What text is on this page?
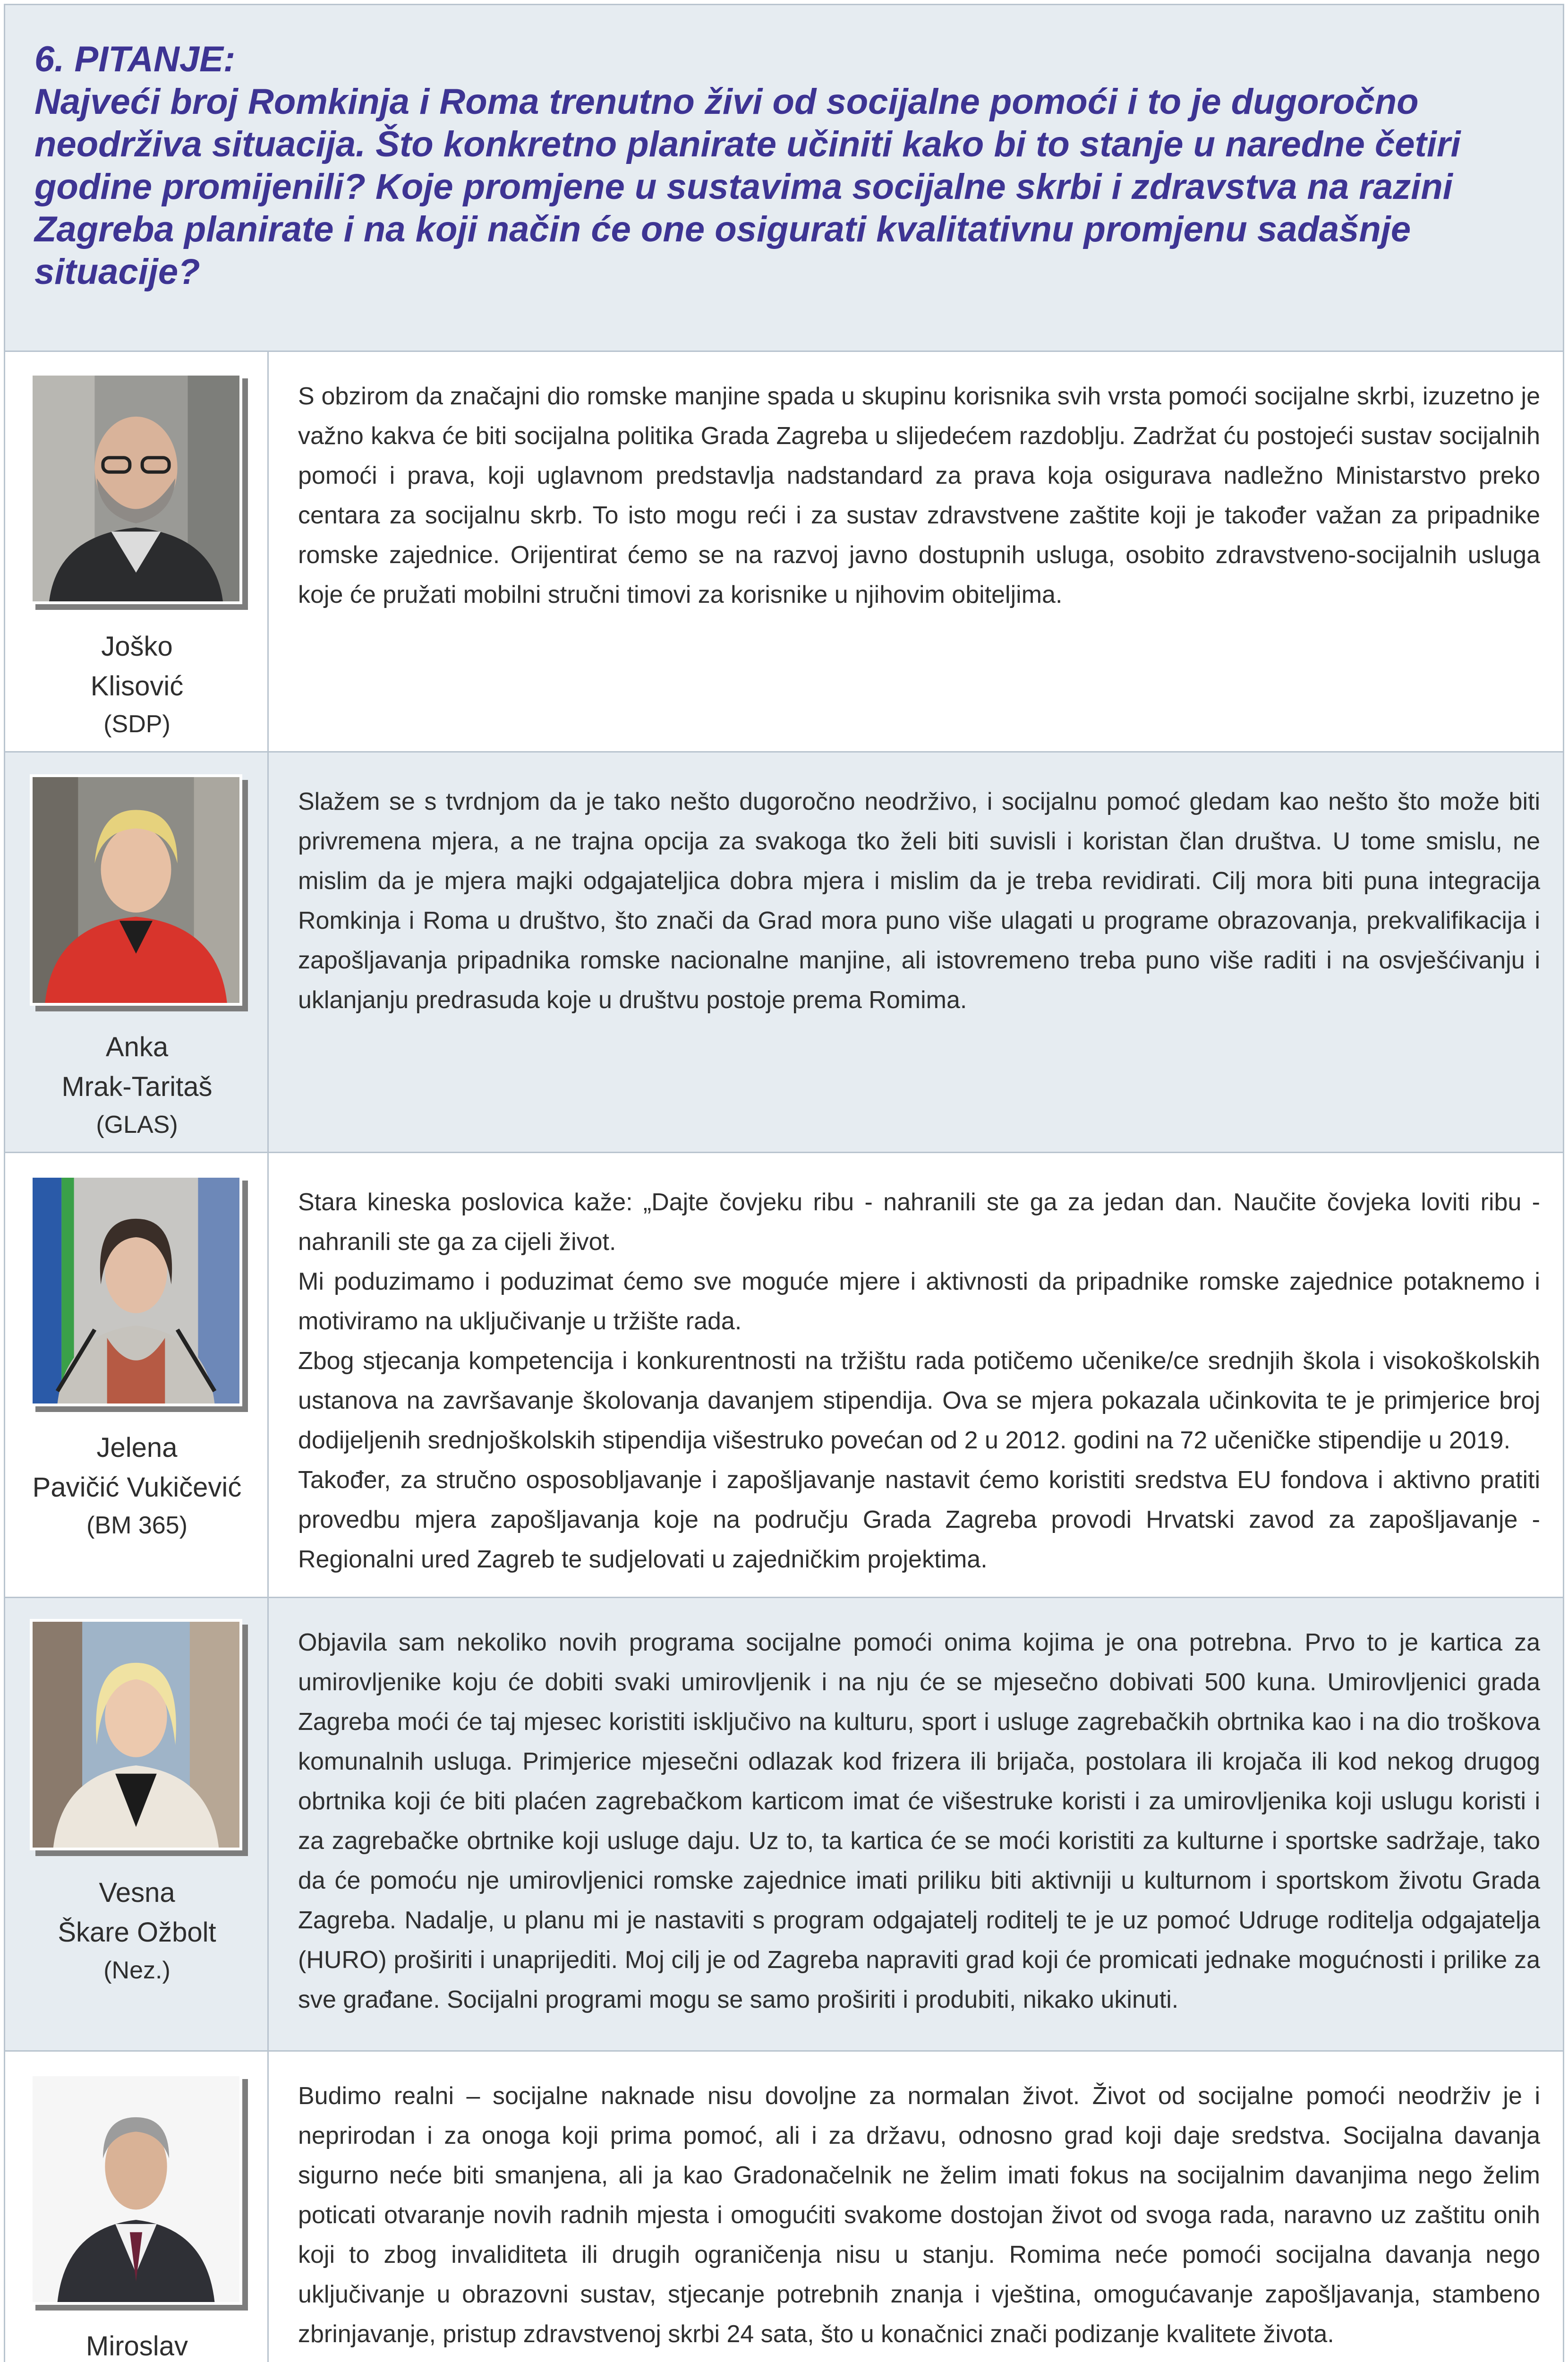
6. PITANJE:
Najveći broj Romkinja i Roma trenutno živi od socijalne pomoći i to je dugoročno neodrživa situacija. Što konkretno planirate učiniti kako bi to stanje u naredne četiri godine promijenili? Koje promjene u sustavima socijalne skrbi i zdravstva na razini Zagreba planirate i na koji način će one osigurati kvalitativnu promjenu sadašnje situacije?
Joško
Klisović
(SDP)

S obzirom da značajni dio romske manjine spada u skupinu korisnika svih vrsta pomoći socijalne skrbi, izuzetno je važno kakva će biti socijalna politika Grada Zagreba u slijedećem razdoblju. Zadržat ću postojeći sustav socijalnih pomoći i prava, koji uglavnom predstavlja nadstandard za prava koja osigurava nadležno Ministarstvo preko centara za socijalnu skrb. To isto mogu reći i za sustav zdravstvene zaštite koji je također važan za pripadnike romske zajednice. Orijentirat ćemo se na razvoj javno dostupnih usluga, osobito zdravstveno-socijalnih usluga koje će pružati mobilni stručni timovi za korisnike u njihovim obiteljima.

Anka
Mrak-Taritaš
(GLAS)

Slažem se s tvrdnjom da je tako nešto dugoročno neodrživo, i socijalnu pomoć gledam kao nešto što može biti privremena mjera, a ne trajna opcija za svakoga tko želi biti suvisli i koristan član društva. U tome smislu, ne mislim da je mjera majki odgajateljica dobra mjera i mislim da je treba revidirati. Cilj mora biti puna integracija Romkinja i Roma u društvo, što znači da Grad mora puno više ulagati u programe obrazovanja, prekvalifikacija i zapošljavanja pripadnika romske nacionalne manjine, ali istovremeno treba puno više raditi i na osvješćivanju i uklanjanju predrasuda koje u društvu postoje prema Romima.

Jelena
Pavičić Vukičević
(BM 365)

Stara kineska poslovica kaže: „Dajte čovjeku ribu - nahranili ste ga za jedan dan. Naučite čovjeka loviti ribu - nahranili ste ga za cijeli život.

Mi poduzimamo i poduzimat ćemo sve moguće mjere i aktivnosti da pripadnike romske zajednice potaknemo i motiviramo na uključivanje u tržište rada.

Zbog stjecanja kompetencija i konkurentnosti na tržištu rada potičemo učenike/ce srednjih škola i visokoškolskih ustanova na završavanje školovanja davanjem stipendija. Ova se mjera pokazala učinkovita te je primjerice broj dodijeljenih srednjoškolskih stipendija višestruko povećan od 2 u 2012. godini na 72 učeničke stipendije u 2019.

Također, za stručno osposobljavanje i zapošljavanje nastavit ćemo koristiti sredstva EU fondova i aktivno pratiti provedbu mjera zapošljavanja koje na području Grada Zagreba provodi Hrvatski zavod za zapošljavanje - Regionalni ured Zagreb te sudjelovati u zajedničkim projektima.

Vesna
Škare Ožbolt
(Nez.)

Objavila sam nekoliko novih programa socijalne pomoći onima kojima je ona potrebna. Prvo to je kartica za umirovljenike koju će dobiti svaki umirovljenik i na nju će se mjesečno dobivati 500 kuna. Umirovljenici grada Zagreba moći će taj mjesec koristiti isključivo na kulturu, sport i usluge zagrebačkih obrtnika kao i na dio troškova komunalnih usluga. Primjerice mjesečni odlazak kod frizera ili brijača, postolara ili krojača ili kod nekog drugog obrtnika koji će biti plaćen zagrebačkom karticom imat će višestruke koristi i za umirovljenika koji uslugu koristi i za zagrebačke obrtnike koji usluge daju. Uz to, ta kartica će se moći koristiti za kulturne i sportske sadržaje, tako da će pomoću nje umirovljenici romske zajednice imati priliku biti aktivniji u kulturnom i sportskom životu Grada Zagreba. Nadalje, u planu mi je nastaviti s program odgajatelj roditelj te je uz pomoć Udruge roditelja odgajatelja (HURO) proširiti i unaprijediti. Moj cilj je od Zagreba napraviti grad koji će promicati jednake mogućnosti i prilike za sve građane. Socijalni programi mogu se samo proširiti i produbiti, nikako ukinuti.

Miroslav

Budimo realni – socijalne naknade nisu dovoljne za normalan život. Život od socijalne pomoći neodrživ je i neprirodan i za onoga koji prima pomoć, ali i za državu, odnosno grad koji daje sredstva. Socijalna davanja sigurno neće biti smanjena, ali ja kao Gradonačelnik ne želim imati fokus na socijalnim davanjima nego želim poticati otvaranje novih radnih mjesta i omogućiti svakome dostojan život od svoga rada, naravno uz zaštitu onih koji to zbog invaliditeta ili drugih ograničenja nisu u stanju. Romima neće pomoći socijalna davanja nego uključivanje u obrazovni sustav, stjecanje potrebnih znanja i vještina, omogućavanje zapošljavanja, stambeno zbrinjavanje, pristup zdravstvenoj skrbi 24 sata, što u konačnici znači podizanje kvalitete života.
